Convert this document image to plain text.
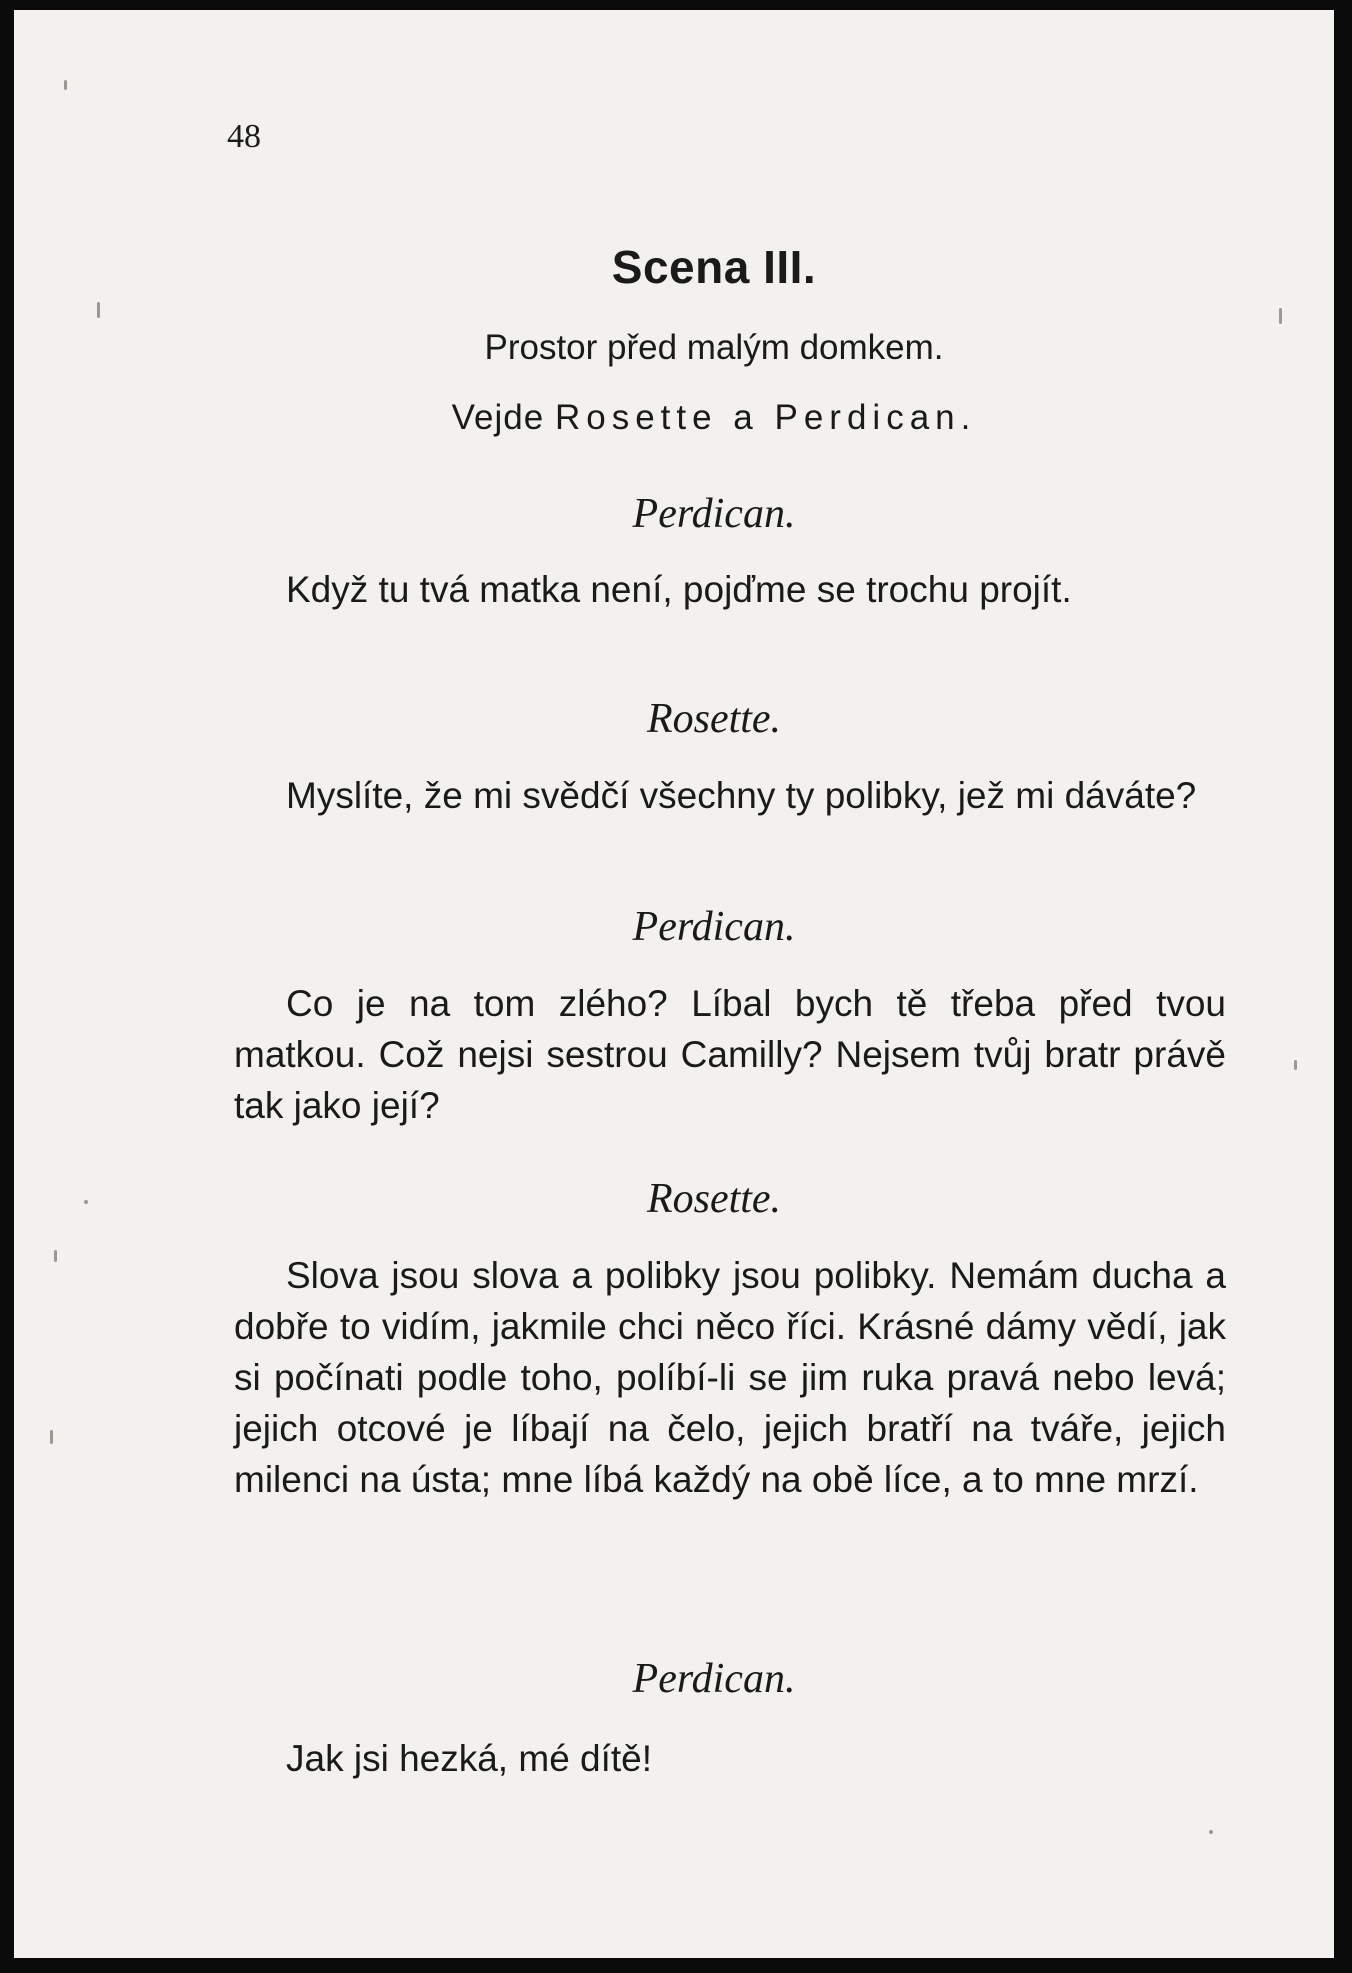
48
Scena III.
Prostor před malým domkem.
Vejde Rosette a Perdican.
Perdican.
Když tu tvá matka není, pojďme se trochu projít.
Rosette.
Myslíte, že mi svědčí všechny ty polibky, jež mi dáváte?
Perdican.
Co je na tom zlého? Líbal bych tě třeba před tvou matkou. Což nejsi sestrou Camilly? Nejsem tvůj bratr právě tak jako její?
Rosette.
Slova jsou slova a polibky jsou polibky. Nemám ducha a dobře to vidím, jakmile chci něco říci. Krásné dámy vědí, jak si počínati podle toho, políbí-li se jim ruka pravá nebo levá; jejich otcové je líbají na čelo, jejich bratří na tváře, jejich milenci na ústa; mne líbá každý na obě líce, a to mne mrzí.
Perdican.
Jak jsi hezká, mé dítě!
